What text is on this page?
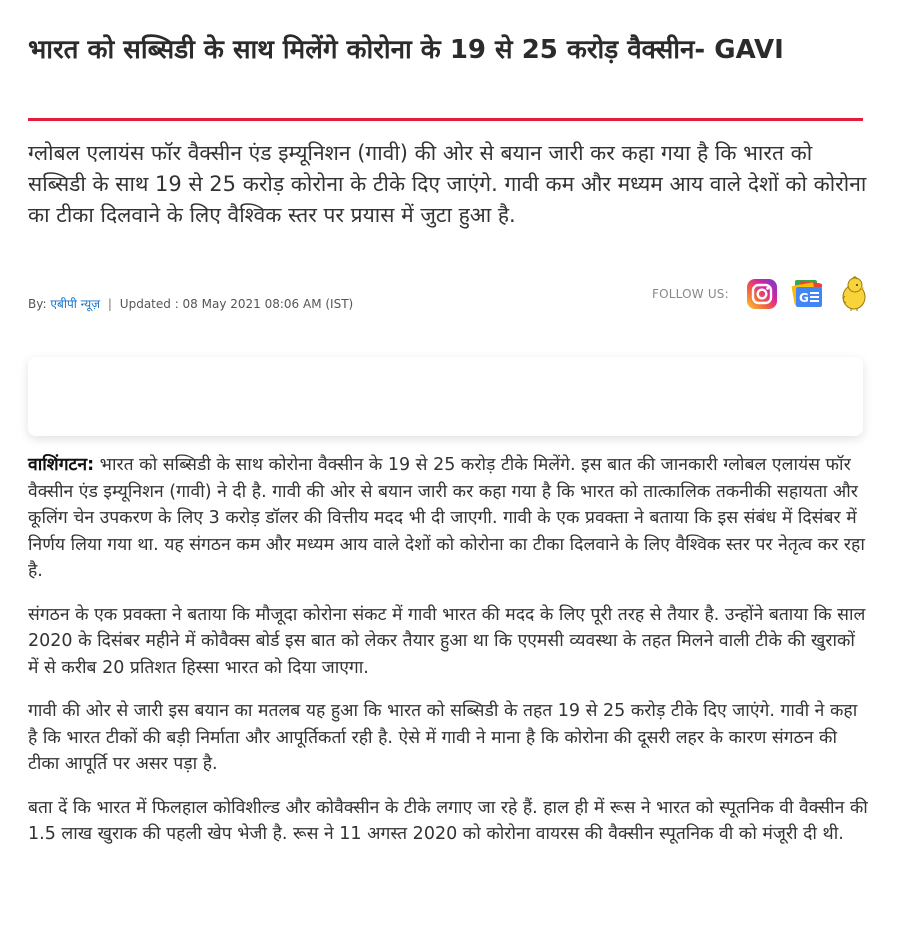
भारत को सब्सिडी के साथ मिलेंगे कोरोना के 19 से 25 करोड़ वैक्सीन- GAVI

ग्लोबल एलायंस फॉर वैक्सीन एंड इम्यूनिशन (गावी) की ओर से बयान जारी कर कहा गया है कि भारत को सब्सिडी के साथ 19 से 25 करोड़ कोरोना के टीके दिए जाएंगे. गावी कम और मध्यम आय वाले देशों को कोरोना का टीका दिलवाने के लिए वैश्विक स्तर पर प्रयास में जुटा हुआ है.

By: एबीपी न्यूज़ | Updated : 08 May 2021 08:06 AM (IST)
FOLLOW US:	G

वाशिंगटन: भारत को सब्सिडी के साथ कोरोना वैक्सीन के 19 से 25 करोड़ टीके मिलेंगे. इस बात की जानकारी ग्लोबल एलायंस फॉर वैक्सीन एंड इम्यूनिशन (गावी) ने दी है. गावी की ओर से बयान जारी कर कहा गया है कि भारत को तात्कालिक तकनीकी सहायता और कूलिंग चेन उपकरण के लिए 3 करोड़ डॉलर की वित्तीय मदद भी दी जाएगी. गावी के एक प्रवक्ता ने बताया कि इस संबंध में दिसंबर में निर्णय लिया गया था. यह संगठन कम और मध्यम आय वाले देशों को कोरोना का टीका दिलवाने के लिए वैश्विक स्तर पर नेतृत्व कर रहा है.

संगठन के एक प्रवक्ता ने बताया कि मौजूदा कोरोना संकट में गावी भारत की मदद के लिए पूरी तरह से तैयार है. उन्होंने बताया कि साल 2020 के दिसंबर महीने में कोवैक्स बोर्ड इस बात को लेकर तैयार हुआ था कि एएमसी व्यवस्था के तहत मिलने वाली टीके की खुराकों में से करीब 20 प्रतिशत हिस्सा भारत को दिया जाएगा.

गावी की ओर से जारी इस बयान का मतलब यह हुआ कि भारत को सब्सिडी के तहत 19 से 25 करोड़ टीके दिए जाएंगे. गावी ने कहा है कि भारत टीकों की बड़ी निर्माता और आपूर्तिकर्ता रही है. ऐसे में गावी ने माना है कि कोरोना की दूसरी लहर के कारण संगठन की टीका आपूर्ति पर असर पड़ा है.

बता दें कि भारत में फिलहाल कोविशील्ड और कोवैक्सीन के टीके लगाए जा रहे हैं. हाल ही में रूस ने भारत को स्पूतनिक वी वैक्सीन की 1.5 लाख खुराक की पहली खेप भेजी है. रूस ने 11 अगस्त 2020 को कोरोना वायरस की वैक्सीन स्पूतनिक वी को मंजूरी दी थी.
